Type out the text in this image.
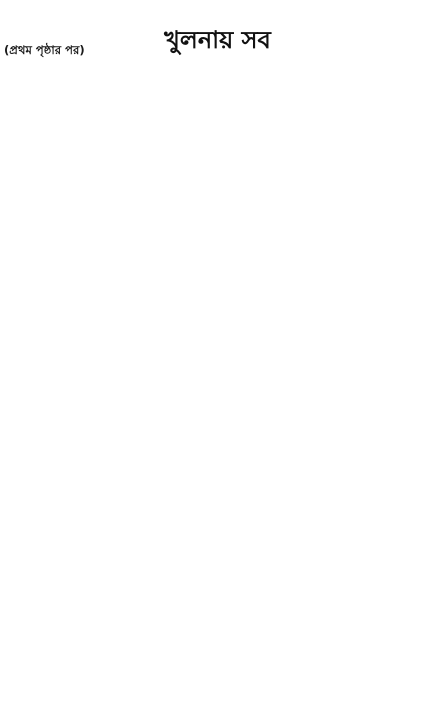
খুলনায় সব

(প্রথম পৃষ্ঠার পর)
